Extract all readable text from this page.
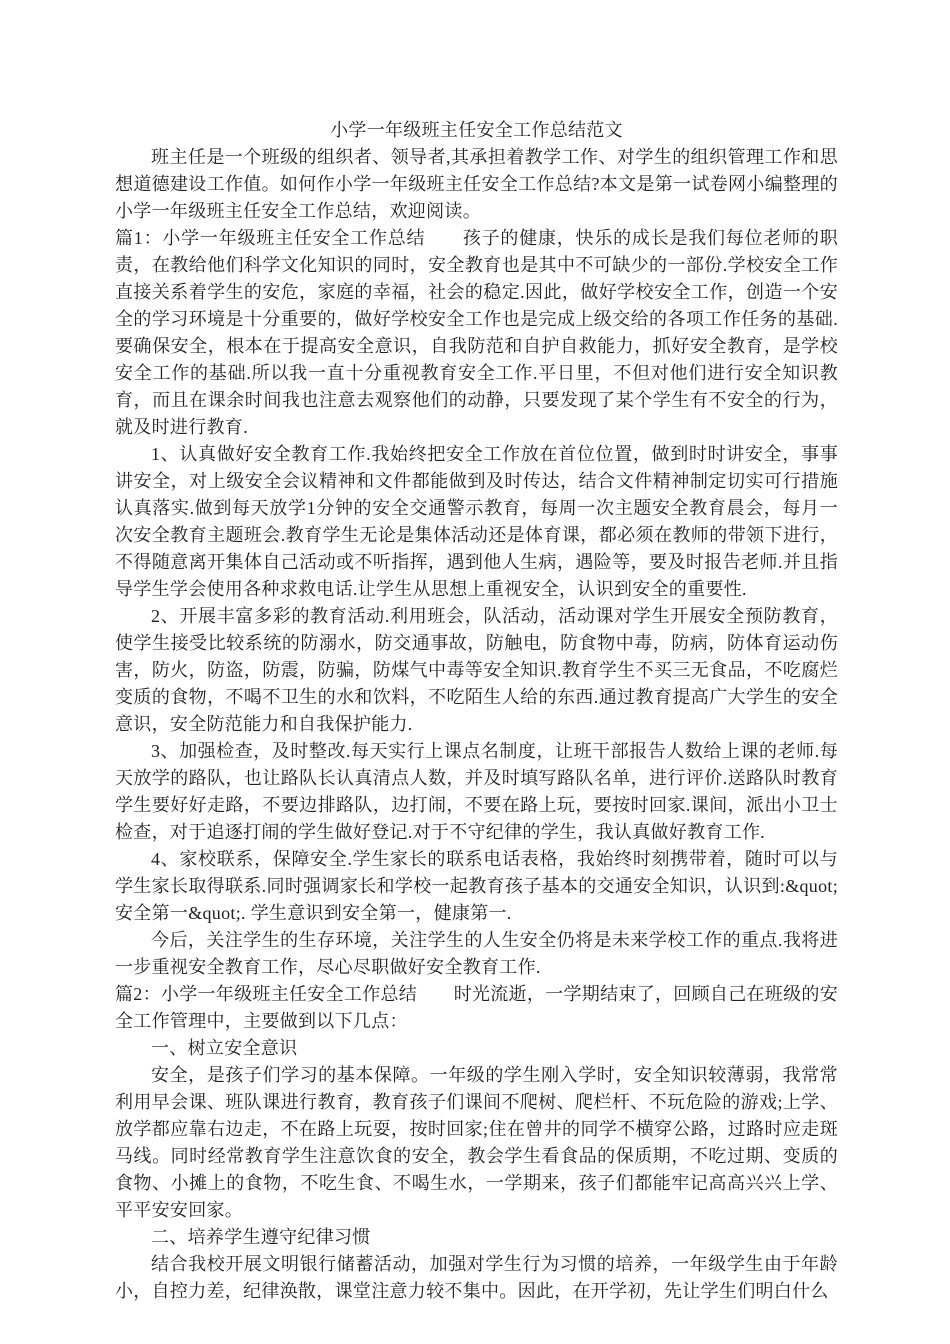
小学一年级班主任安全工作总结范文

班主任是一个班级的组织者、领导者,其承担着教学工作、对学生的组织管理工作和思想道德建设工作值。如何作小学一年级班主任安全工作总结?本文是第一试卷网小编整理的小学一年级班主任安全工作总结，欢迎阅读。

篇1：小学一年级班主任安全工作总结　　孩子的健康，快乐的成长是我们每位老师的职责，在教给他们科学文化知识的同时，安全教育也是其中不可缺少的一部份.学校安全工作直接关系着学生的安危，家庭的幸福，社会的稳定.因此，做好学校安全工作，创造一个安全的学习环境是十分重要的，做好学校安全工作也是完成上级交给的各项工作任务的基础.要确保安全，根本在于提高安全意识，自我防范和自护自救能力，抓好安全教育，是学校安全工作的基础.所以我一直十分重视教育安全工作.平日里，不但对他们进行安全知识教育，而且在课余时间我也注意去观察他们的动静，只要发现了某个学生有不安全的行为，就及时进行教育.

1、认真做好安全教育工作.我始终把安全工作放在首位位置，做到时时讲安全，事事讲安全，对上级安全会议精神和文件都能做到及时传达，结合文件精神制定切实可行措施认真落实.做到每天放学1分钟的安全交通警示教育，每周一次主题安全教育晨会，每月一次安全教育主题班会.教育学生无论是集体活动还是体育课，都必须在教师的带领下进行，不得随意离开集体自己活动或不听指挥，遇到他人生病，遇险等，要及时报告老师.并且指导学生学会使用各种求救电话.让学生从思想上重视安全，认识到安全的重要性.

2、开展丰富多彩的教育活动.利用班会，队活动，活动课对学生开展安全预防教育，使学生接受比较系统的防溺水，防交通事故，防触电，防食物中毒，防病，防体育运动伤害，防火，防盗，防震，防骗，防煤气中毒等安全知识.教育学生不买三无食品，不吃腐烂变质的食物，不喝不卫生的水和饮料，不吃陌生人给的东西.通过教育提高广大学生的安全意识，安全防范能力和自我保护能力.

3、加强检查，及时整改.每天实行上课点名制度，让班干部报告人数给上课的老师.每天放学的路队，也让路队长认真清点人数，并及时填写路队名单，进行评价.送路队时教育学生要好好走路，不要边排路队，边打闹，不要在路上玩，要按时回家.课间，派出小卫士检查，对于追逐打闹的学生做好登记.对于不守纪律的学生，我认真做好教育工作.

4、家校联系，保障安全.学生家长的联系电话表格，我始终时刻携带着，随时可以与学生家长取得联系.同时强调家长和学校一起教育孩子基本的交通安全知识，认识到:&quot;安全第一&quot;. 学生意识到安全第一，健康第一.

今后，关注学生的生存环境，关注学生的人生安全仍将是未来学校工作的重点.我将进一步重视安全教育工作，尽心尽职做好安全教育工作.

篇2：小学一年级班主任安全工作总结　　时光流逝，一学期结束了，回顾自己在班级的安全工作管理中，主要做到以下几点：

一、树立安全意识

安全，是孩子们学习的基本保障。一年级的学生刚入学时，安全知识较薄弱，我常常利用早会课、班队课进行教育，教育孩子们课间不爬树、爬栏杆、不玩危险的游戏;上学、放学都应靠右边走，不在路上玩耍，按时回家;住在曾井的同学不横穿公路，过路时应走斑马线。同时经常教育学生注意饮食的安全，教会学生看食品的保质期，不吃过期、变质的食物、小摊上的食物，不吃生食、不喝生水，一学期来，孩子们都能牢记高高兴兴上学、平平安安回家。

二、培养学生遵守纪律习惯

结合我校开展文明银行储蓄活动，加强对学生行为习惯的培养，一年级学生由于年龄小，自控力差，纪律涣散，课堂注意力较不集中。因此，在开学初，先让学生们明白什么
